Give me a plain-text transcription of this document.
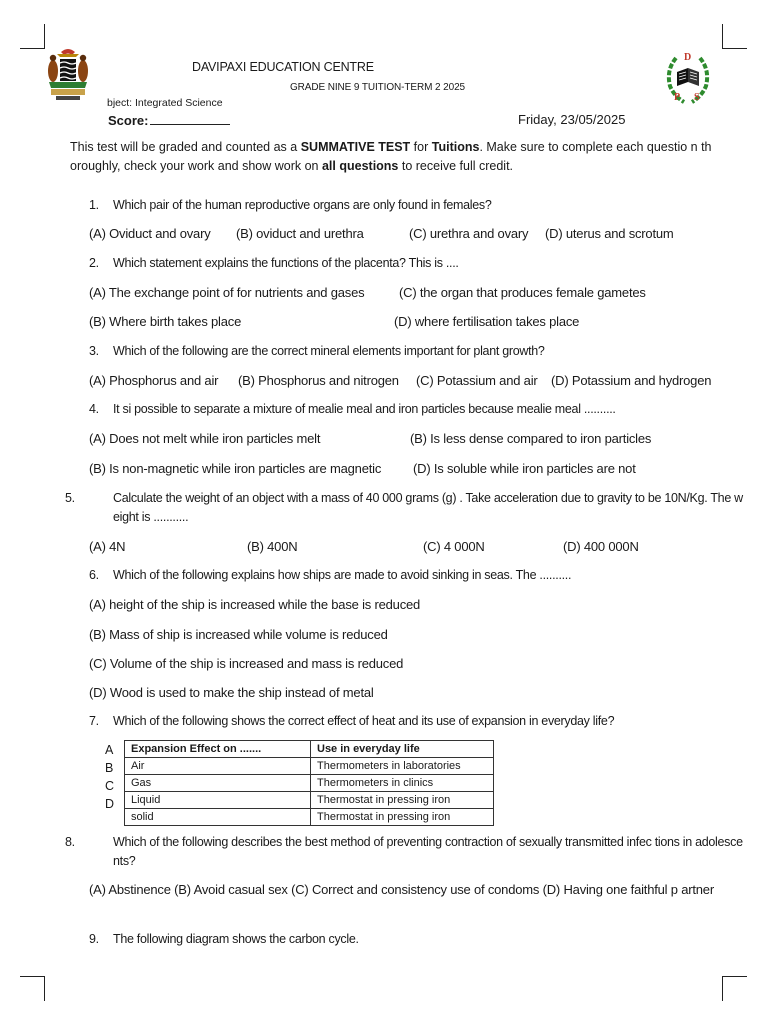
DAVIPAXI EDUCATION CENTRE
GRADE NINE 9 TUITION-TERM 2 2025
bject: Integrated Science
Score:	Friday, 23/05/2025
D
P S
This test will be graded and counted as a SUMMATIVE TEST for Tuitions. Make sure to complete each questio n thoroughly, check your work and show work on all questions to receive full credit.
1. Which pair of the human reproductive organs are only found in females?
(A) Oviduct and ovary (B) oviduct and urethra	(C) urethra and ovary (D) uterus and scrotum
2. Which statement explains the functions of the placenta? This is ....
(A) The exchange point of for nutrients and gases	(C) the organ that produces female gametes
(B) Where birth takes place	(D) where fertilisation takes place
3. Which of the following are the correct mineral elements important for plant growth?
(A) Phosphorus and air (B) Phosphorus and nitrogen (C) Potassium and air (D) Potassium and hydrogen
4. It si possible to separate a mixture of mealie meal and iron particles because mealie meal ..........
(A) Does not melt while iron particles melt	(B) Is less dense compared to iron particles
(B) Is non-magnetic while iron particles are magnetic (D) Is soluble while iron particles are not
5.	Calculate the weight of an object with a mass of 40 000 grams (g) . Take acceleration due to gravity to be 10N/Kg. The weight is ...........
(A) 4N	(B) 400N	(C) 4 000N	(D) 400 000N
6. Which of the following explains how ships are made to avoid sinking in seas. The ..........
(A) height of the ship is increased while the base is reduced
(B) Mass of ship is increased while volume is reduced
(C) Volume of the ship is increased and mass is reduced
(D) Wood is used to make the ship instead of metal
7. Which of the following shows the correct effect of heat and its use of expansion in everyday life?
A
B
C
D
Expansion Effect on .......	Use in everyday life
Air	Thermometers in laboratories
Gas	Thermometers in clinics
Liquid	Thermostat in pressing iron
solid	Thermostat in pressing iron
8.	Which of the following describes the best method of preventing contraction of sexually transmitted infec tions in adolescents?
(A) Abstinence (B) Avoid casual sex (C) Correct and consistency use of condoms (D) Having one faithful p artner
9. The following diagram shows the carbon cycle.
